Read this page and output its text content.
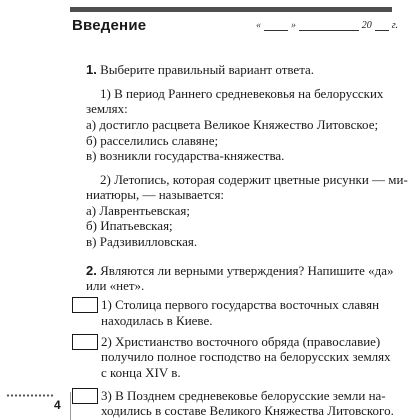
Введение	«	»	20 г.
1. Выберите правильный вариант ответа.
1) В период Раннего средневековья на белорусских
землях:
а) достигло расцвета Великое Княжество Литовское;
б) расселились славяне;
в) возникли государства-княжества.
2) Летопись, которая содержит цветные рисунки — ми-
ниатюры, — называется:
а) Лаврентьевская;
б) Ипатьевская;
в) Радзивилловская.
2. Являются ли верными утверждения? Напишите «да»
или «нет».
1) Столица первого государства восточных славян
находилась в Киеве.
2) Христианство восточного обряда (православие)
получило полное господство на белорусских землях
с конца XIV в.
3) В Позднем средневековье белорусские земли на-
ходились в составе Великого Княжества Литовского.
4
